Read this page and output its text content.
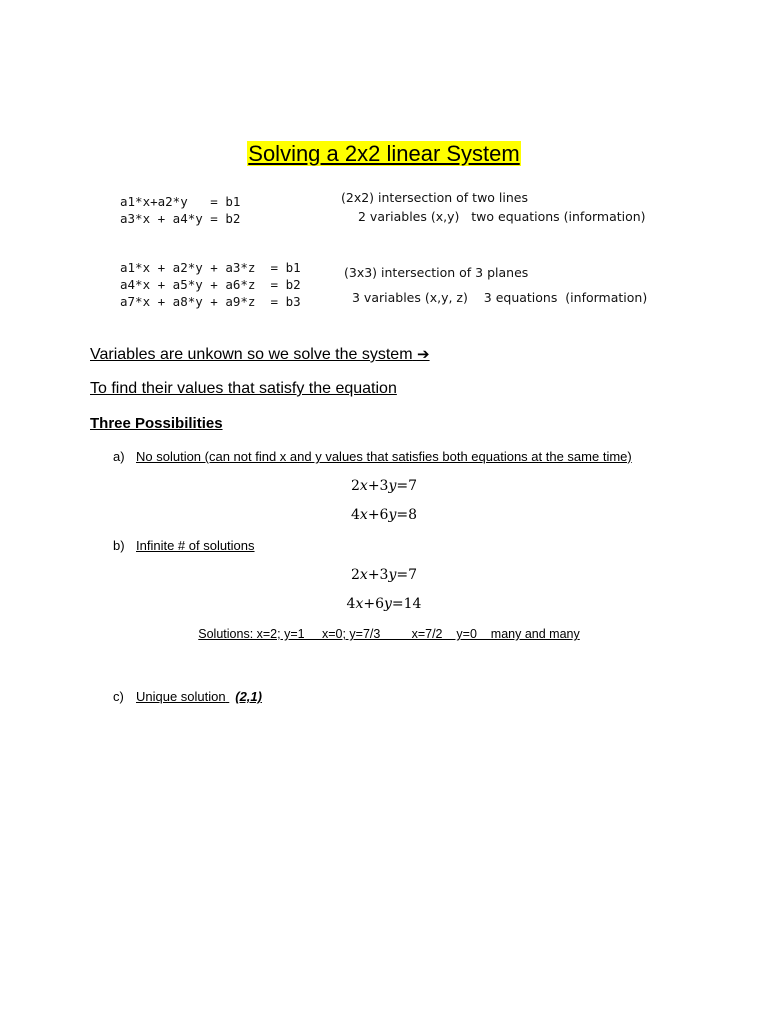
Solving a 2x2 linear System
a1*x+a2*y   = b1
a3*x + a4*y = b2
(2x2) intersection of two lines
2 variables (x,y)   two equations (information)
a1*x + a2*y + a3*z  = b1
a4*x + a5*y + a6*z  = b2
a7*x + a8*y + a9*z  = b3
(3x3) intersection of 3 planes
3 variables (x,y, z)    3 equations  (information)
Variables are unkown so we solve the system ➔
To find their values that satisfy the equation
Three Possibilities
a) No solution (can not find x and y values that satisfies both equations at the same time)
2x+3y=7
4x+6y=8
b) Infinite # of solutions
2x+3y=7
4x+6y=14
Solutions: x=2; y=1     x=0; y=7/3         x=7/2    y=0    many and many
c) Unique solution (2,1)
